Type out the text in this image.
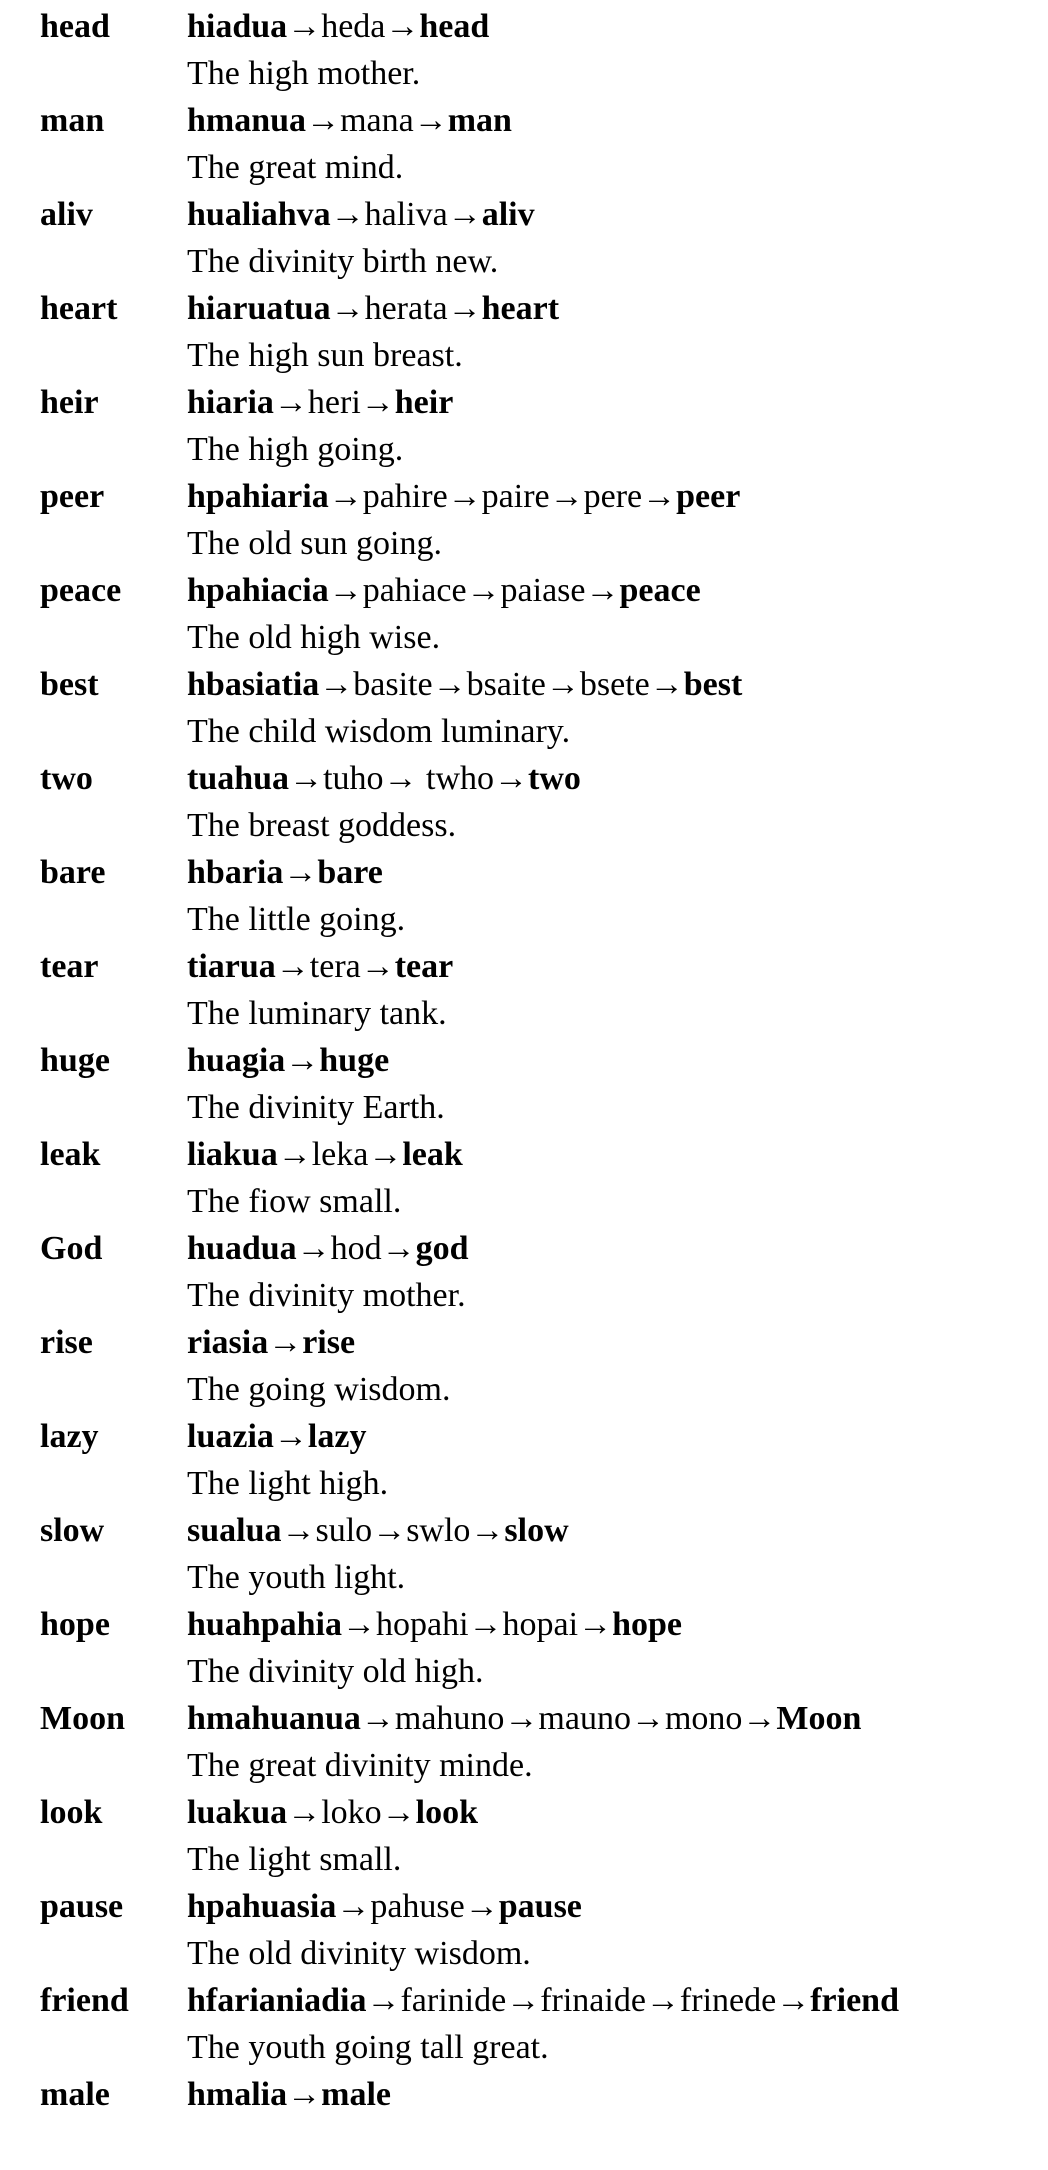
head hiadua→heda→head
The high mother.
man hmanua→mana→man
The great mind.
aliv	hualiahva→haliva→aliv
The divinity birth new.
heart hiaruatua→herata→heart
The high sun breast.
heir	hiaria→heri→heir
The high going.
peer hpahiaria→pahire→paire→pere→peer
The old sun going.
peace hpahiacia→pahiace→paiase→peace
The old high wise.
best	hbasiatia→basite→bsaite→bsete→best
The child wisdom luminary.
two	tuahua→tuho→ twho→two
The breast goddess.
bare hbaria→bare
The little going.
tear	tiarua→tera→tear
The luminary tank.
huge huagia→huge
The divinity Earth.
leak	liakua→leka→leak
The fiow small.
God huadua→hod→god
The divinity mother.
rise	riasia→rise
The going wisdom.
lazy	luazia→lazy
The light high.
slow sualua→sulo→swlo→slow
The youth light.
hope huahpahia→hopahi→hopai→hope
The divinity old high.
Moon hmahuanua→mahuno→mauno→mono→Moon
The great divinity minde.
look luakua→loko→look
The light small.
pause hpahuasia→pahuse→pause
The old divinity wisdom.
friend hfarianiadia→farinide→frinaide→frinede→friend
The youth going tall great.
male hmalia→male
